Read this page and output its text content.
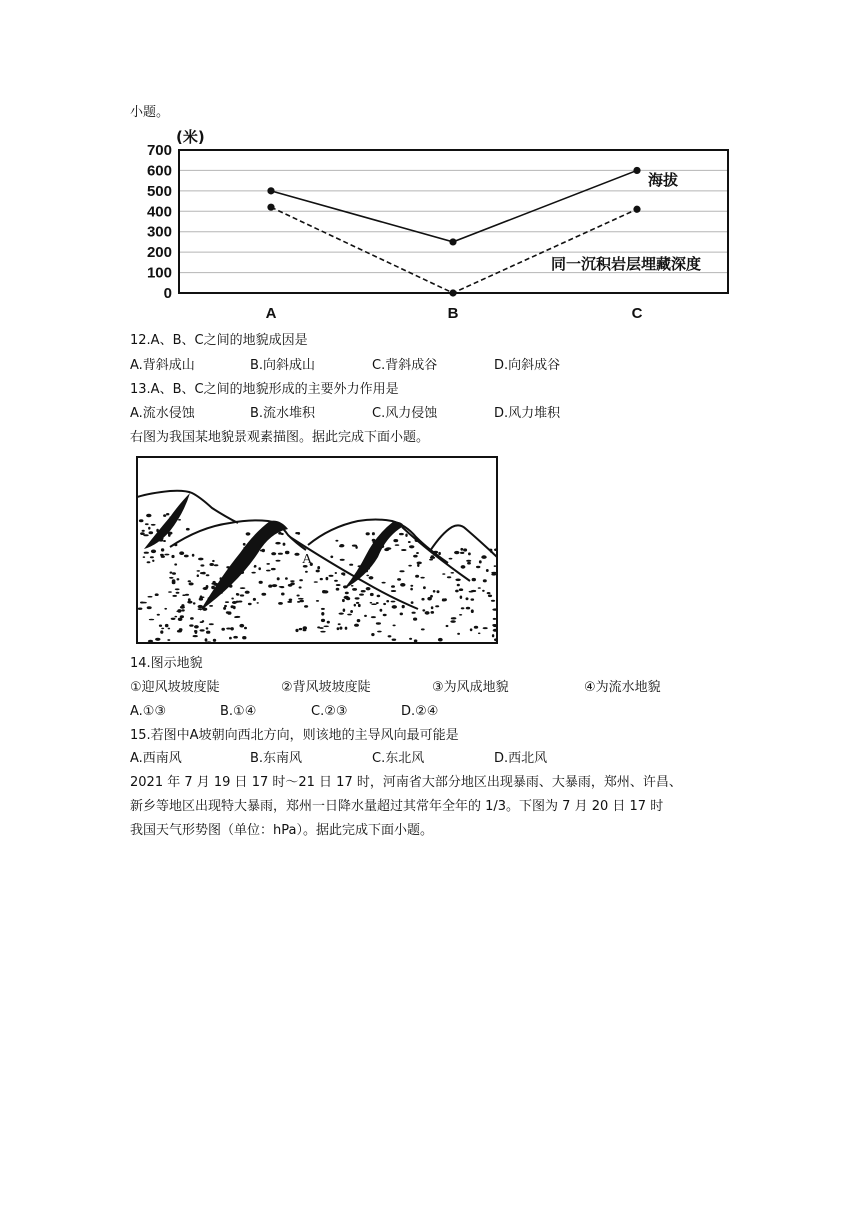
小题。
700
600
500
400
300
200
100
0
A	B	C
(米)
海拔
同一沉积岩层埋藏深度
12.A、B、C之间的地貌成因是
A.背斜成山	B.向斜成山	C.背斜成谷	D.向斜成谷
13.A、B、C之间的地貌形成的主要外力作用是
A.流水侵蚀	B.流水堆积	C.风力侵蚀	D.风力堆积
右图为我国某地貌景观素描图。据此完成下面小题。
A
14.图示地貌
①迎风坡坡度陡	②背风坡坡度陡	③为风成地貌	④为流水地貌
A.①③	B.①④	C.②③	D.②④
15.若图中A坡朝向西北方向，则该地的主导风向最可能是
A.西南风	B.东南风	C.东北风	D.西北风
2021 年 7 月 19 日 17 时～21 日 17 时，河南省大部分地区出现暴雨、大暴雨，郑州、许昌、
新乡等地区出现特大暴雨，郑州一日降水量超过其常年全年的 1/3。下图为 7 月 20 日 17 时
我国天气形势图（单位：hPa）。据此完成下面小题。
